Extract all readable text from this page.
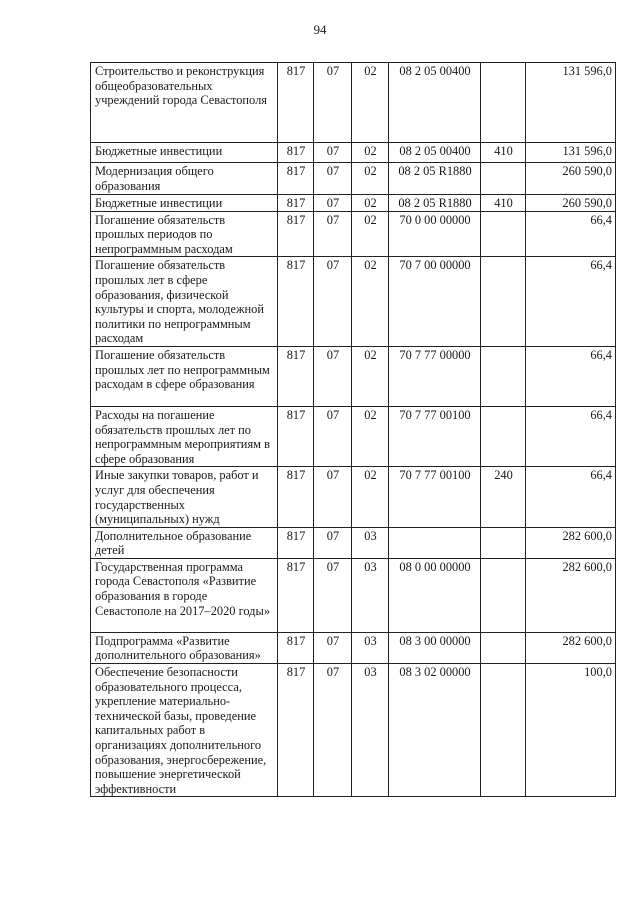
94
Строительство и реконструкция общеобразовательных учреждений города Севастополя	817	07	02	08 2 05 00400		131 596,0
Бюджетные инвестиции	817	07	02	08 2 05 00400	410	131 596,0
Модернизация общего образования	817	07	02	08 2 05 R1880		260 590,0
Бюджетные инвестиции	817	07	02	08 2 05 R1880	410	260 590,0
Погашение обязательств прошлых периодов по непрограммным расходам	817	07	02	70 0 00 00000		66,4
Погашение обязательств прошлых лет в сфере образования, физической культуры и спорта, молодежной политики по непрограммным расходам	817	07	02	70 7 00 00000		66,4
Погашение обязательств прошлых лет по непрограммным расходам в сфере образования	817	07	02	70 7 77 00000		66,4
Расходы на погашение обязательств прошлых лет по непрограммным мероприятиям в сфере образования	817	07	02	70 7 77 00100		66,4
Иные закупки товаров, работ и услуг для обеспечения государственных (муниципальных) нужд	817	07	02	70 7 77 00100	240	66,4
Дополнительное образование детей	817	07	03			282 600,0
Государственная программа города Севастополя «Развитие образования в городе Севастополе на 2017–2020 годы»	817	07	03	08 0 00 00000		282 600,0
Подпрограмма «Развитие дополнительного образования»	817	07	03	08 3 00 00000		282 600,0
Обеспечение безопасности образовательного процесса, укрепление материально-технической базы, проведение капитальных работ в организациях дополнительного образования, энергосбережение, повышение энергетической эффективности	817	07	03	08 3 02 00000		100,0
